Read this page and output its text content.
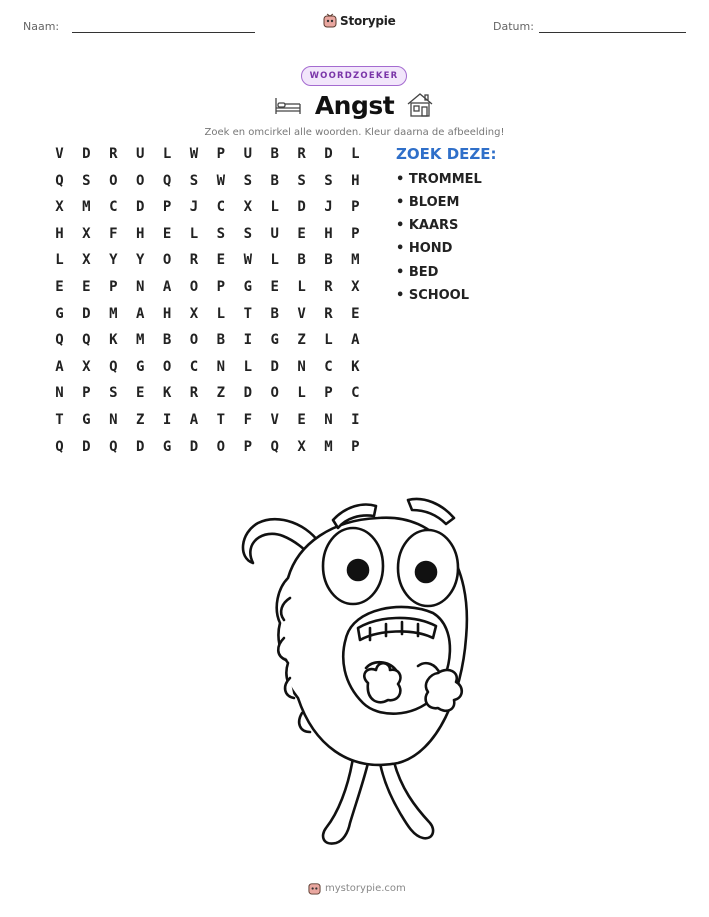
Naam:	Storypie	Datum:
WOORDZOEKER
Angst
Zoek en omcirkel alle woorden. Kleur daarna de afbeelding!
V	D	R	U	L	W	P	U	B	R	D	L
Q	S	O	O	Q	S	W	S	B	S	S	H
X	M	C	D	P	J	C	X	L	D	J	P
H	X	F	H	E	L	S	S	U	E	H	P
L	X	Y	Y	O	R	E	W	L	B	B	M
E	E	P	N	A	O	P	G	E	L	R	X
G	D	M	A	H	X	L	T	B	V	R	E
Q	Q	K	M	B	O	B	I	G	Z	L	A
A	X	Q	G	O	C	N	L	D	N	C	K
N	P	S	E	K	R	Z	D	O	L	P	C
T	G	N	Z	I	A	T	F	V	E	N	I
Q	D	Q	D	G	D	O	P	Q	X	M	P
ZOEK DEZE:
• TROMMEL
• BLOEM
• KAARS
• HOND
• BED
• SCHOOL
mystorypie.com
